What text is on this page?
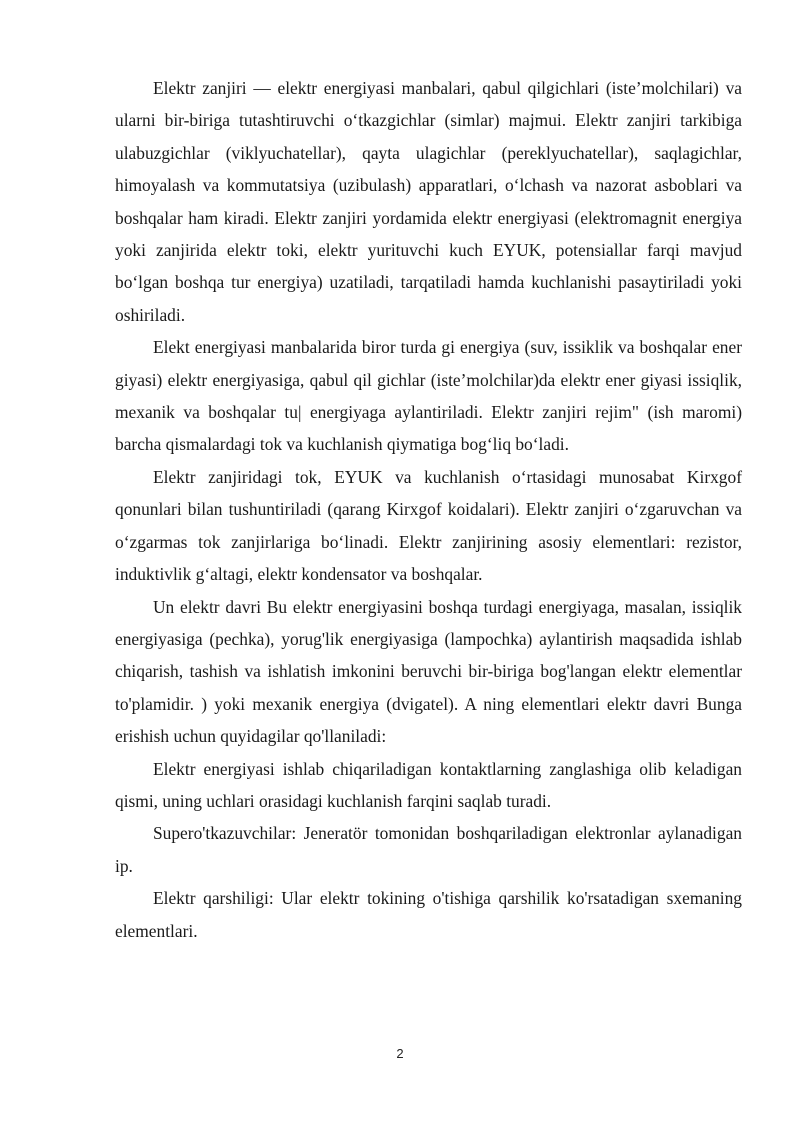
Elektr zanjiri — elektr energiyasi manbalari, qabul qilgichlari (iste’molchilari) va ularni bir-biriga tutashtiruvchi oʻtkazgichlar (simlar) majmui. Elektr zanjiri tarkibiga ulabuzgichlar (viklyuchatellar), qayta ulagichlar (pereklyuchatellar), saqlagichlar, himoyalash va kommutatsiya (uzibulash) apparatlari, oʻlchash va nazorat asboblari va boshqalar ham kiradi. Elektr zanjiri yordamida elektr energiyasi (elektromagnit energiya yoki zanjirida elektr toki, elektr yurituvchi kuch EYUK, potensiallar farqi mavjud boʻlgan boshqa tur energiya) uzatiladi, tarqatiladi hamda kuchlanishi pasaytiriladi yoki oshiriladi.

Elekt energiyasi manbalarida biror turda gi energiya (suv, issiklik va boshqalar ener giyasi) elektr energiyasiga, qabul qil gichlar (iste’molchilar)da elektr ener giyasi issiqlik, mexanik va boshqalar tu| energiyaga aylantiriladi. Elektr zanjiri rejim" (ish maromi) barcha qismalardagi tok va kuchlanish qiymatiga bogʻliq boʻladi.

Elektr zanjiridagi tok, EYUK va kuchlanish oʻrtasidagi munosabat Kirxgof qonunlari bilan tushuntiriladi (qarang Kirxgof koidalari). Elektr zanjiri oʻzgaruvchan va oʻzgarmas tok zanjirlariga boʻlinadi. Elektr zanjirining asosiy elementlari: rezistor, induktivlik gʻaltagi, elektr kondensator va boshqalar.

Un elektr davri Bu elektr energiyasini boshqa turdagi energiyaga, masalan, issiqlik energiyasiga (pechka), yorug'lik energiyasiga (lampochka) aylantirish maqsadida ishlab chiqarish, tashish va ishlatish imkonini beruvchi bir-biriga bog'langan elektr elementlar to'plamidir. ) yoki mexanik energiya (dvigatel). A ning elementlari elektr davri Bunga erishish uchun quyidagilar qo'llaniladi:

Elektr energiyasi ishlab chiqariladigan kontaktlarning zanglashiga olib keladigan qismi, uning uchlari orasidagi kuchlanish farqini saqlab turadi.

Supero'tkazuvchilar: Jeneratör tomonidan boshqariladigan elektronlar aylanadigan ip.

Elektr qarshiligi: Ular elektr tokining o'tishiga qarshilik ko'rsatadigan sxemaning elementlari.

2
